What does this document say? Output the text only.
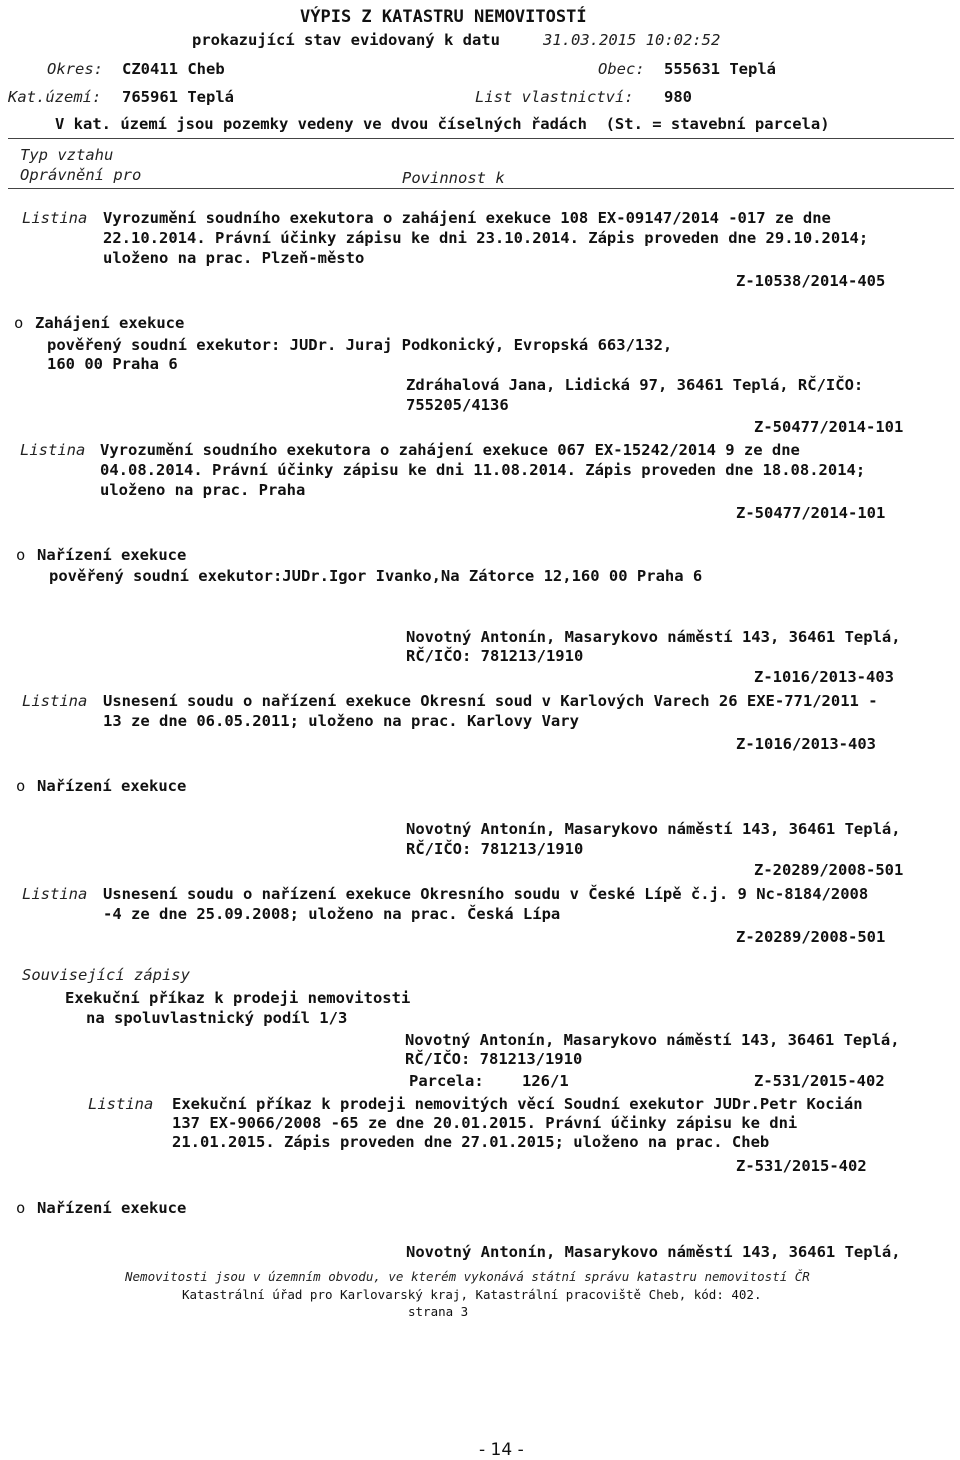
VÝPIS Z KATASTRU NEMOVITOSTÍ
prokazující stav evidovaný k datu	31.03.2015 10:02:52
Okres: CZ0411 Cheb	Obec: 555631 Teplá
Kat.území: 765961 Teplá	List vlastnictví: 980
V kat. území jsou pozemky vedeny ve dvou číselných řadách  (St. = stavební parcela)
Typ vztahu
Oprávnění pro	Povinnost k
Listina Vyrozumění soudního exekutora o zahájení exekuce 108 EX-09147/2014 -017 ze dne
22.10.2014. Právní účinky zápisu ke dni 23.10.2014. Zápis proveden dne 29.10.2014;
uloženo na prac. Plzeň-město
Z-10538/2014-405
o Zahájení exekuce
pověřený soudní exekutor: JUDr. Juraj Podkonický, Evropská 663/132,
160 00 Praha 6
Zdráhalová Jana, Lidická 97, 36461 Teplá, RČ/IČO:
755205/4136
Z-50477/2014-101
Listina Vyrozumění soudního exekutora o zahájení exekuce 067 EX-15242/2014 9 ze dne
04.08.2014. Právní účinky zápisu ke dni 11.08.2014. Zápis proveden dne 18.08.2014;
uloženo na prac. Praha
Z-50477/2014-101
o Nařízení exekuce
pověřený soudní exekutor:JUDr.Igor Ivanko,Na Zátorce 12,160 00 Praha 6
Novotný Antonín, Masarykovo náměstí 143, 36461 Teplá,
RČ/IČO: 781213/1910
Z-1016/2013-403
Listina Usnesení soudu o nařízení exekuce Okresní soud v Karlových Varech 26 EXE-771/2011 -
13 ze dne 06.05.2011; uloženo na prac. Karlovy Vary
Z-1016/2013-403
o Nařízení exekuce
Novotný Antonín, Masarykovo náměstí 143, 36461 Teplá,
RČ/IČO: 781213/1910
Z-20289/2008-501
Listina Usnesení soudu o nařízení exekuce Okresního soudu v České Lípě č.j. 9 Nc-8184/2008
-4 ze dne 25.09.2008; uloženo na prac. Česká Lípa
Z-20289/2008-501
Související zápisy
Exekuční příkaz k prodeji nemovitosti
na spoluvlastnický podíl 1/3
Novotný Antonín, Masarykovo náměstí 143, 36461 Teplá,
RČ/IČO: 781213/1910
Parcela: 126/1	Z-531/2015-402
Listina Exekuční příkaz k prodeji nemovitých věcí Soudní exekutor JUDr.Petr Kocián
137 EX-9066/2008 -65 ze dne 20.01.2015. Právní účinky zápisu ke dni
21.01.2015. Zápis proveden dne 27.01.2015; uloženo na prac. Cheb
Z-531/2015-402
o Nařízení exekuce
Novotný Antonín, Masarykovo náměstí 143, 36461 Teplá,
Nemovitosti jsou v územním obvodu, ve kterém vykonává státní správu katastru nemovitostí ČR
Katastrální úřad pro Karlovarský kraj, Katastrální pracoviště Cheb, kód: 402.
strana 3
- 14 -
